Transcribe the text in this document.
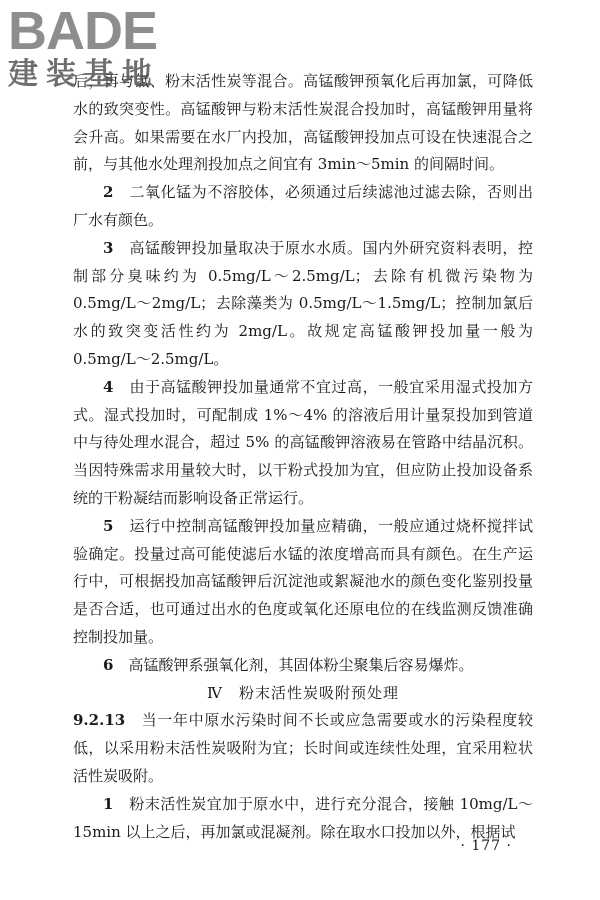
BADE
建装基地

后，再与氯、粉末活性炭等混合。高锰酸钾预氧化后再加氯，可降低水的致突变性。高锰酸钾与粉末活性炭混合投加时，高锰酸钾用量将会升高。如果需要在水厂内投加，高锰酸钾投加点可设在快速混合之前，与其他水处理剂投加点之间宜有 3min～5min 的间隔时间。

2　 二氧化锰为不溶胶体，必须通过后续滤池过滤去除，否则出厂水有颜色。

3　 高锰酸钾投加量取决于原水水质。国内外研究资料表明，控制部分臭味约为 0.5mg/L～2.5mg/L；去除有机微污染物为 0.5mg/L～2mg/L；去除藻类为 0.5mg/L～1.5mg/L；控制加氯后水的致突变活性约为 2mg/L。故规定高锰酸钾投加量一般为 0.5mg/L～2.5mg/L。

4　 由于高锰酸钾投加量通常不宜过高，一般宜采用湿式投加方式。湿式投加时，可配制成 1%～4% 的溶液后用计量泵投加到管道中与待处理水混合，超过 5% 的高锰酸钾溶液易在管路中结晶沉积。当因特殊需求用量较大时，以干粉式投加为宜，但应防止投加设备系统的干粉凝结而影响设备正常运行。

5　 运行中控制高锰酸钾投加量应精确，一般应通过烧杯搅拌试验确定。投量过高可能使滤后水锰的浓度增高而具有颜色。在生产运行中，可根据投加高锰酸钾后沉淀池或絮凝池水的颜色变化鉴别投量是否合适，也可通过出水的色度或氧化还原电位的在线监测反馈准确控制投加量。

6　 高锰酸钾系强氧化剂，其固体粉尘聚集后容易爆炸。

Ⅳ　粉末活性炭吸附预处理

9.2.13　 当一年中原水污染时间不长或应急需要或水的污染程度较低，以采用粉末活性炭吸附为宜；长时间或连续性处理，宜采用粒状活性炭吸附。

1　 粉末活性炭宜加于原水中，进行充分混合，接触 10mg/L～15min 以上之后，再加氯或混凝剂。除在取水口投加以外，根据试

· 177 ·
